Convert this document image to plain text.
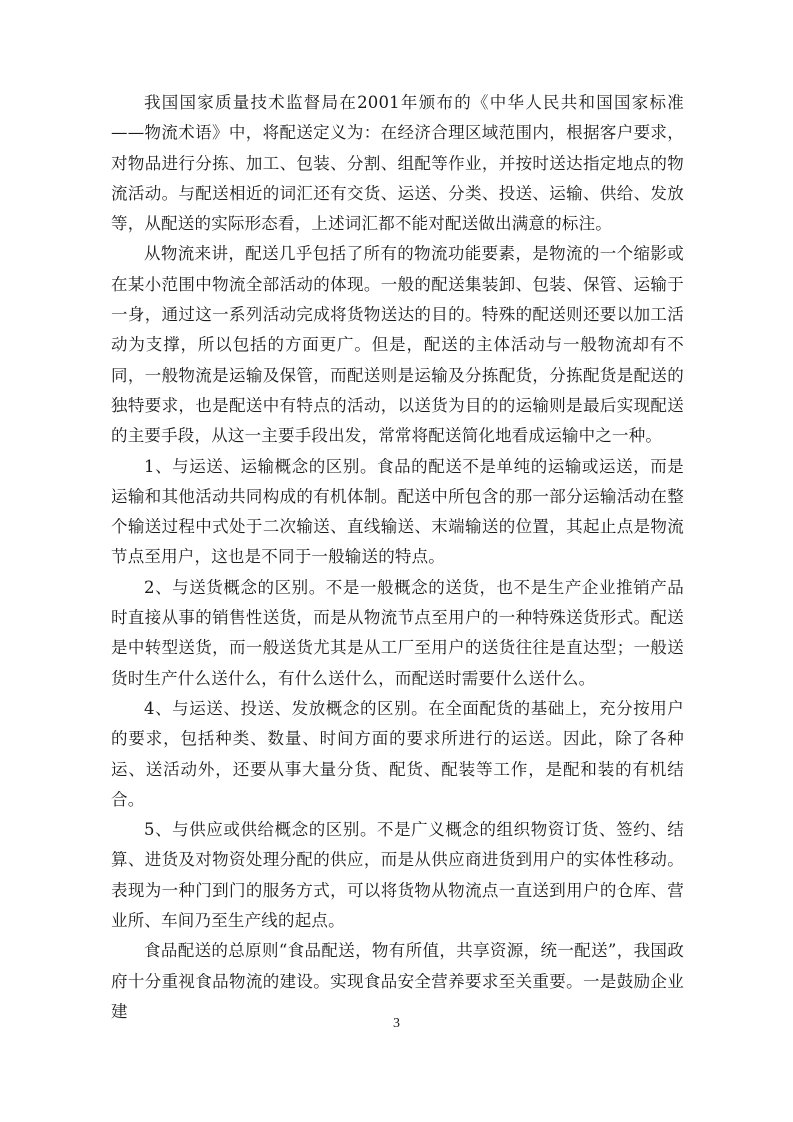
我国国家质量技术监督局在2001年颁布的《中华人民共和国国家标准——物流术语》中，将配送定义为：在经济合理区域范围内，根据客户要求，对物品进行分拣、加工、包装、分割、组配等作业，并按时送达指定地点的物流活动。与配送相近的词汇还有交货、运送、分类、投送、运输、供给、发放等，从配送的实际形态看，上述词汇都不能对配送做出满意的标注。

从物流来讲，配送几乎包括了所有的物流功能要素，是物流的一个缩影或在某小范围中物流全部活动的体现。一般的配送集装卸、包装、保管、运输于一身，通过这一系列活动完成将货物送达的目的。特殊的配送则还要以加工活动为支撑，所以包括的方面更广。但是，配送的主体活动与一般物流却有不同，一般物流是运输及保管，而配送则是运输及分拣配货，分拣配货是配送的独特要求，也是配送中有特点的活动，以送货为目的的运输则是最后实现配送的主要手段，从这一主要手段出发，常常将配送简化地看成运输中之一种。

1、与运送、运输概念的区别。食品的配送不是单纯的运输或运送，而是运输和其他活动共同构成的有机体制。配送中所包含的那一部分运输活动在整个输送过程中式处于二次输送、直线输送、末端输送的位置，其起止点是物流节点至用户，这也是不同于一般输送的特点。

2、与送货概念的区别。不是一般概念的送货，也不是生产企业推销产品时直接从事的销售性送货，而是从物流节点至用户的一种特殊送货形式。配送是中转型送货，而一般送货尤其是从工厂至用户的送货往往是直达型；一般送货时生产什么送什么，有什么送什么，而配送时需要什么送什么。

4、与运送、投送、发放概念的区别。在全面配货的基础上，充分按用户的要求，包括种类、数量、时间方面的要求所进行的运送。因此，除了各种运、送活动外，还要从事大量分货、配货、配装等工作，是配和装的有机结合。

5、与供应或供给概念的区别。不是广义概念的组织物资订货、签约、结算、进货及对物资处理分配的供应，而是从供应商进货到用户的实体性移动。表现为一种门到门的服务方式，可以将货物从物流点一直送到用户的仓库、营业所、车间乃至生产线的起点。

食品配送的总原则“食品配送，物有所值，共享资源，统一配送”，我国政府十分重视食品物流的建设。实现食品安全营养要求至关重要。一是鼓励企业建

3
